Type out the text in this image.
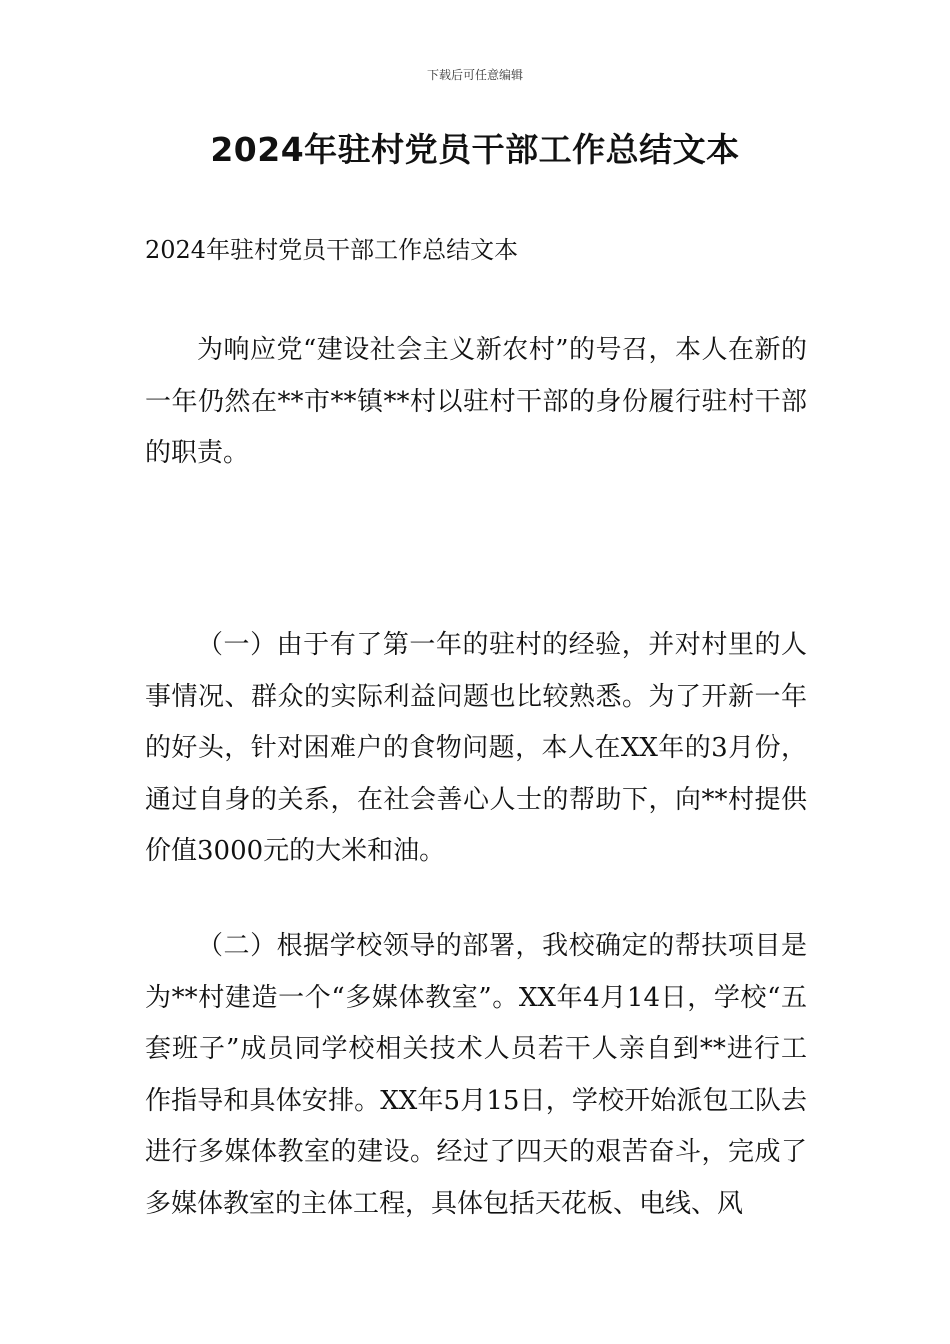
下载后可任意编辑
2024年驻村党员干部工作总结文本

2024年驻村党员干部工作总结文本

为响应党“建设社会主义新农村”的号召，本人在新的一年仍然在**市**镇**村以驻村干部的身份履行驻村干部的职责。

（一）由于有了第一年的驻村的经验，并对村里的人事情况、群众的实际利益问题也比较熟悉。为了开新一年的好头，针对困难户的食物问题，本人在XX年的3月份，通过自身的关系，在社会善心人士的帮助下，向**村提供价值3000元的大米和油。

（二）根据学校领导的部署，我校确定的帮扶项目是为**村建造一个“多媒体教室”。XX年4月14日，学校“五套班子”成员同学校相关技术人员若干人亲自到**进行工作指导和具体安排。XX年5月15日，学校开始派包工队去进行多媒体教室的建设。经过了四天的艰苦奋斗，完成了多媒体教室的主体工程，具体包括天花板、电线、风
